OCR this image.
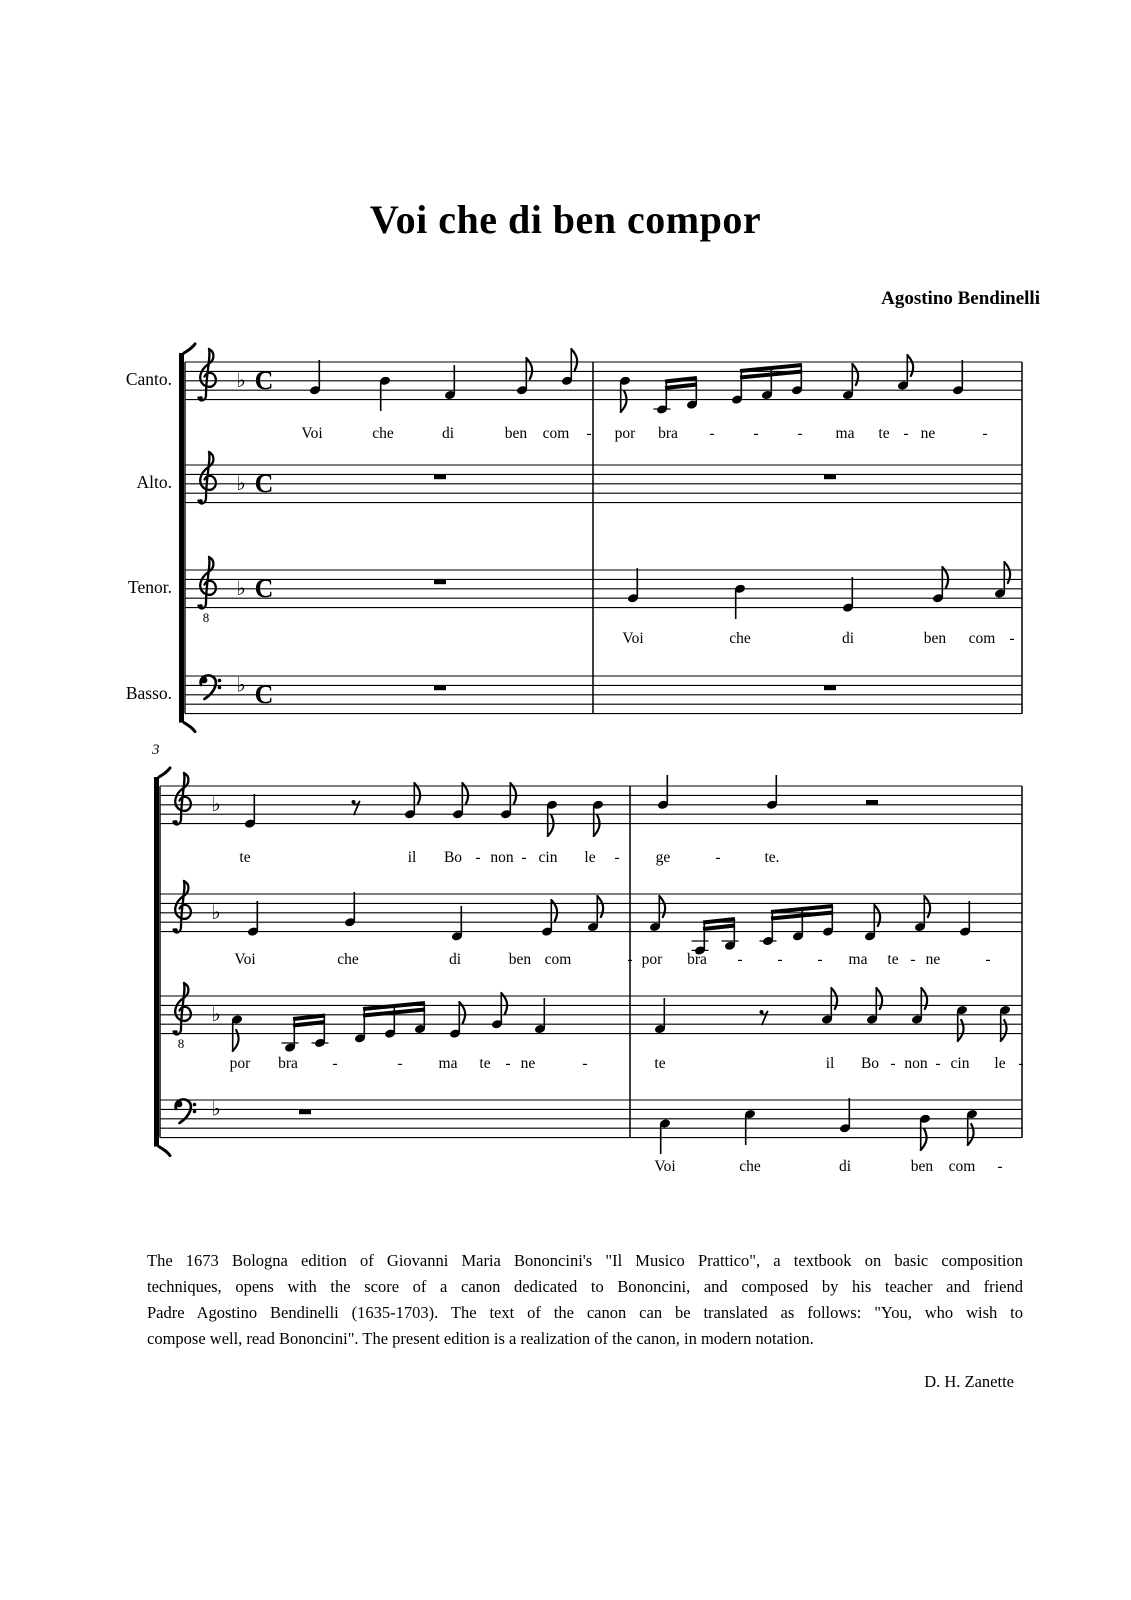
Voi che di ben compor
Agostino Bendinelli
♭ C
♭ C
8
♭ C
♭ C
♭
♭
8
♭
♭
Canto.
Voi	che	di	ben com - por bra -	-	- ma te - ne	-
Alto.
Tenor.
Voi	che	di	ben com -
Basso.
3
te	il Bo - non - cin le - ge	-	te.
Voi	che	di	ben com	- por bra - - - ma te - ne	-
por bra -	- ma te - ne	-	te	il Bo - non - cin le -
Voi	che	di	ben com -
The 1673 Bologna edition of Giovanni Maria Bononcini's "Il Musico Prattico", a textbook on basic composition
techniques, opens with the score of a canon dedicated to Bononcini, and composed by his teacher and friend
Padre Agostino Bendinelli (1635-1703). The text of the canon can be translated as follows: "You, who wish to
compose well, read Bononcini". The present edition is a realization of the canon, in modern notation.
D. H. Zanette
